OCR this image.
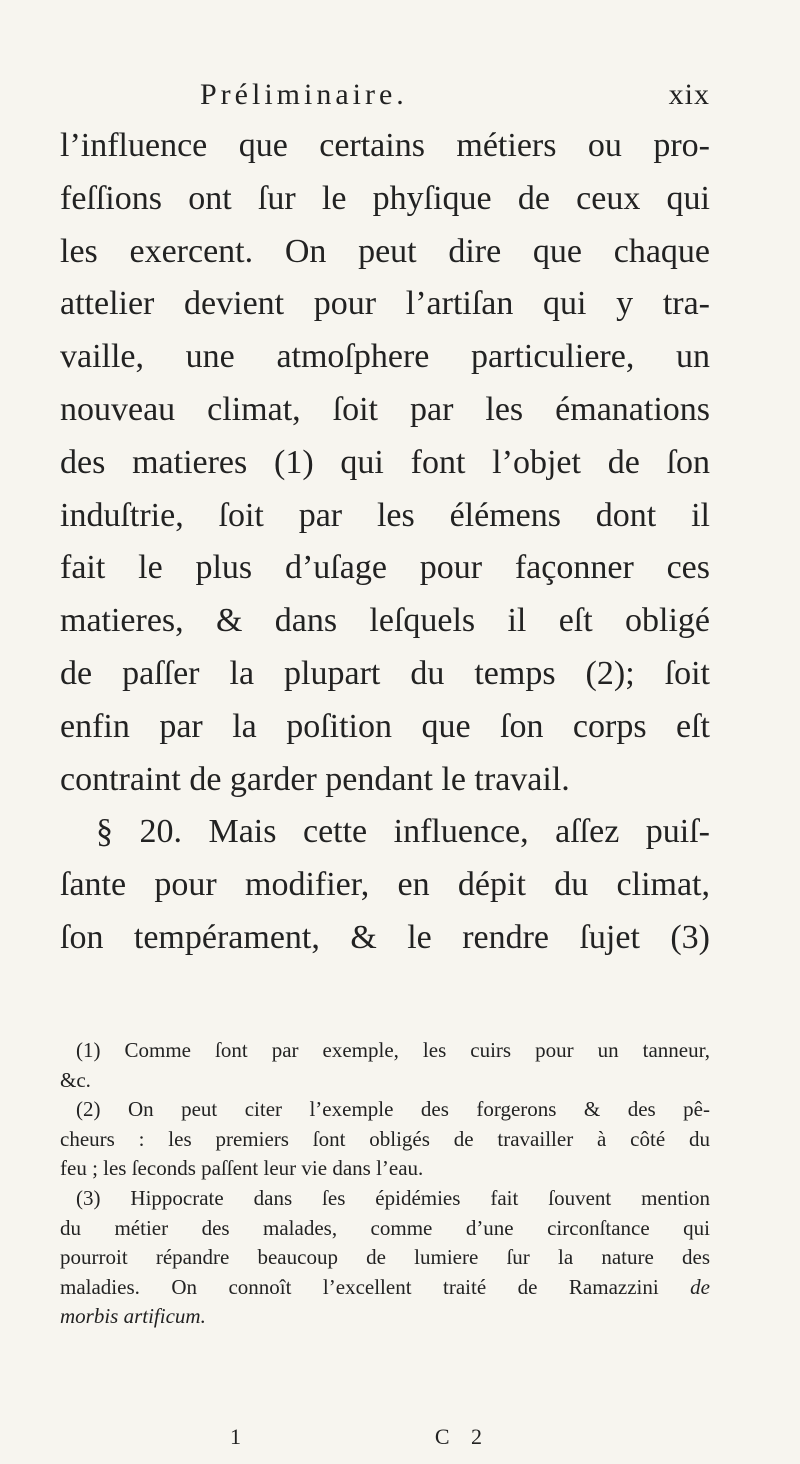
Préliminaire.	xix
l’influence que certains métiers ou pro-
feſſions ont ſur le phyſique de ceux qui
les exercent. On peut dire que chaque
attelier devient pour l’artiſan qui y tra-
vaille, une atmoſphere particuliere, un
nouveau climat, ſoit par les émanations
des matieres (1) qui font l’objet de ſon
induſtrie, ſoit par les élémens dont il
fait le plus d’uſage pour façonner ces
matieres, & dans leſquels il eſt obligé
de paſſer la plupart du temps (2); ſoit
enfin par la poſition que ſon corps eſt
contraint de garder pendant le travail.
§ 20. Mais cette influence, aſſez puiſ-
ſante pour modifier, en dépit du climat,
ſon tempérament, & le rendre ſujet (3)
(1) Comme ſont par exemple, les cuirs pour un tanneur,
&c.
(2) On peut citer l’exemple des forgerons & des pê-
cheurs : les premiers ſont obligés de travailler à côté du
feu ; les ſeconds paſſent leur vie dans l’eau.
(3) Hippocrate dans ſes épidémies fait ſouvent mention
du métier des malades, comme d’une circonſtance qui
pourroit répandre beaucoup de lumiere ſur la nature des
maladies. On connoît l’excellent traité de Ramazzini de
morbis artificum.
1	C 2
